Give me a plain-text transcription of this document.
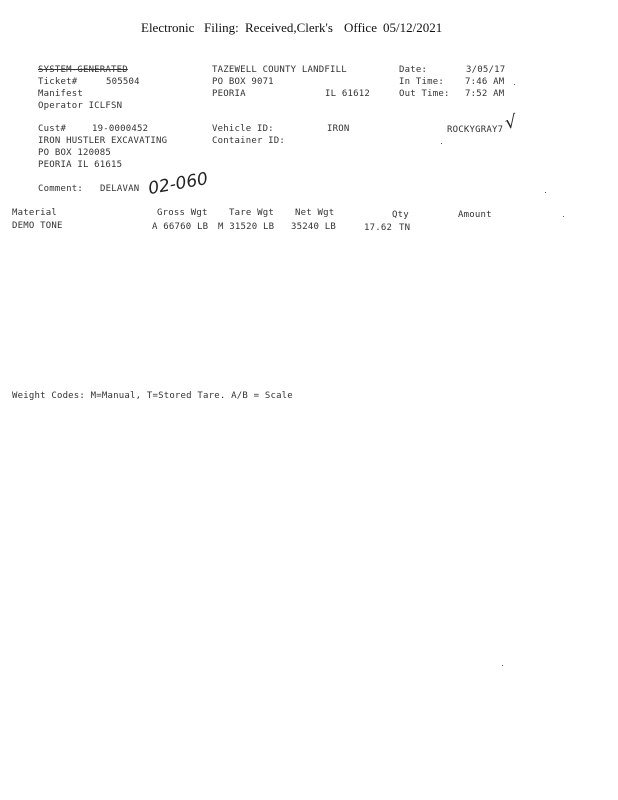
Electronic Filing: Received,Clerk's Office 05/12/2021
SYSTEM-GENERATED
Ticket#	505504
Manifest
Operator ICLFSN
TAZEWELL COUNTY LANDFILL
PO BOX 9071
PEORIA	IL 61612
Date:	3/05/17
In Time: 7:46 AM
Out Time: 7:52 AM
Cust#	19-0000452
IRON HUSTLER EXCAVATING
PO BOX 120085
PEORIA IL 61615
Vehicle ID:	IRON
Container ID:
ROCKYGRAY7 √
Comment: DELAVAN 02-060
Material	Gross Wgt Tare Wgt Net Wgt	Qty	Amount
DEMO TONE	A 66760 LB M 31520 LB 35240 LB	17.62 TN
Weight Codes: M=Manual, T=Stored Tare. A/B = Scale
